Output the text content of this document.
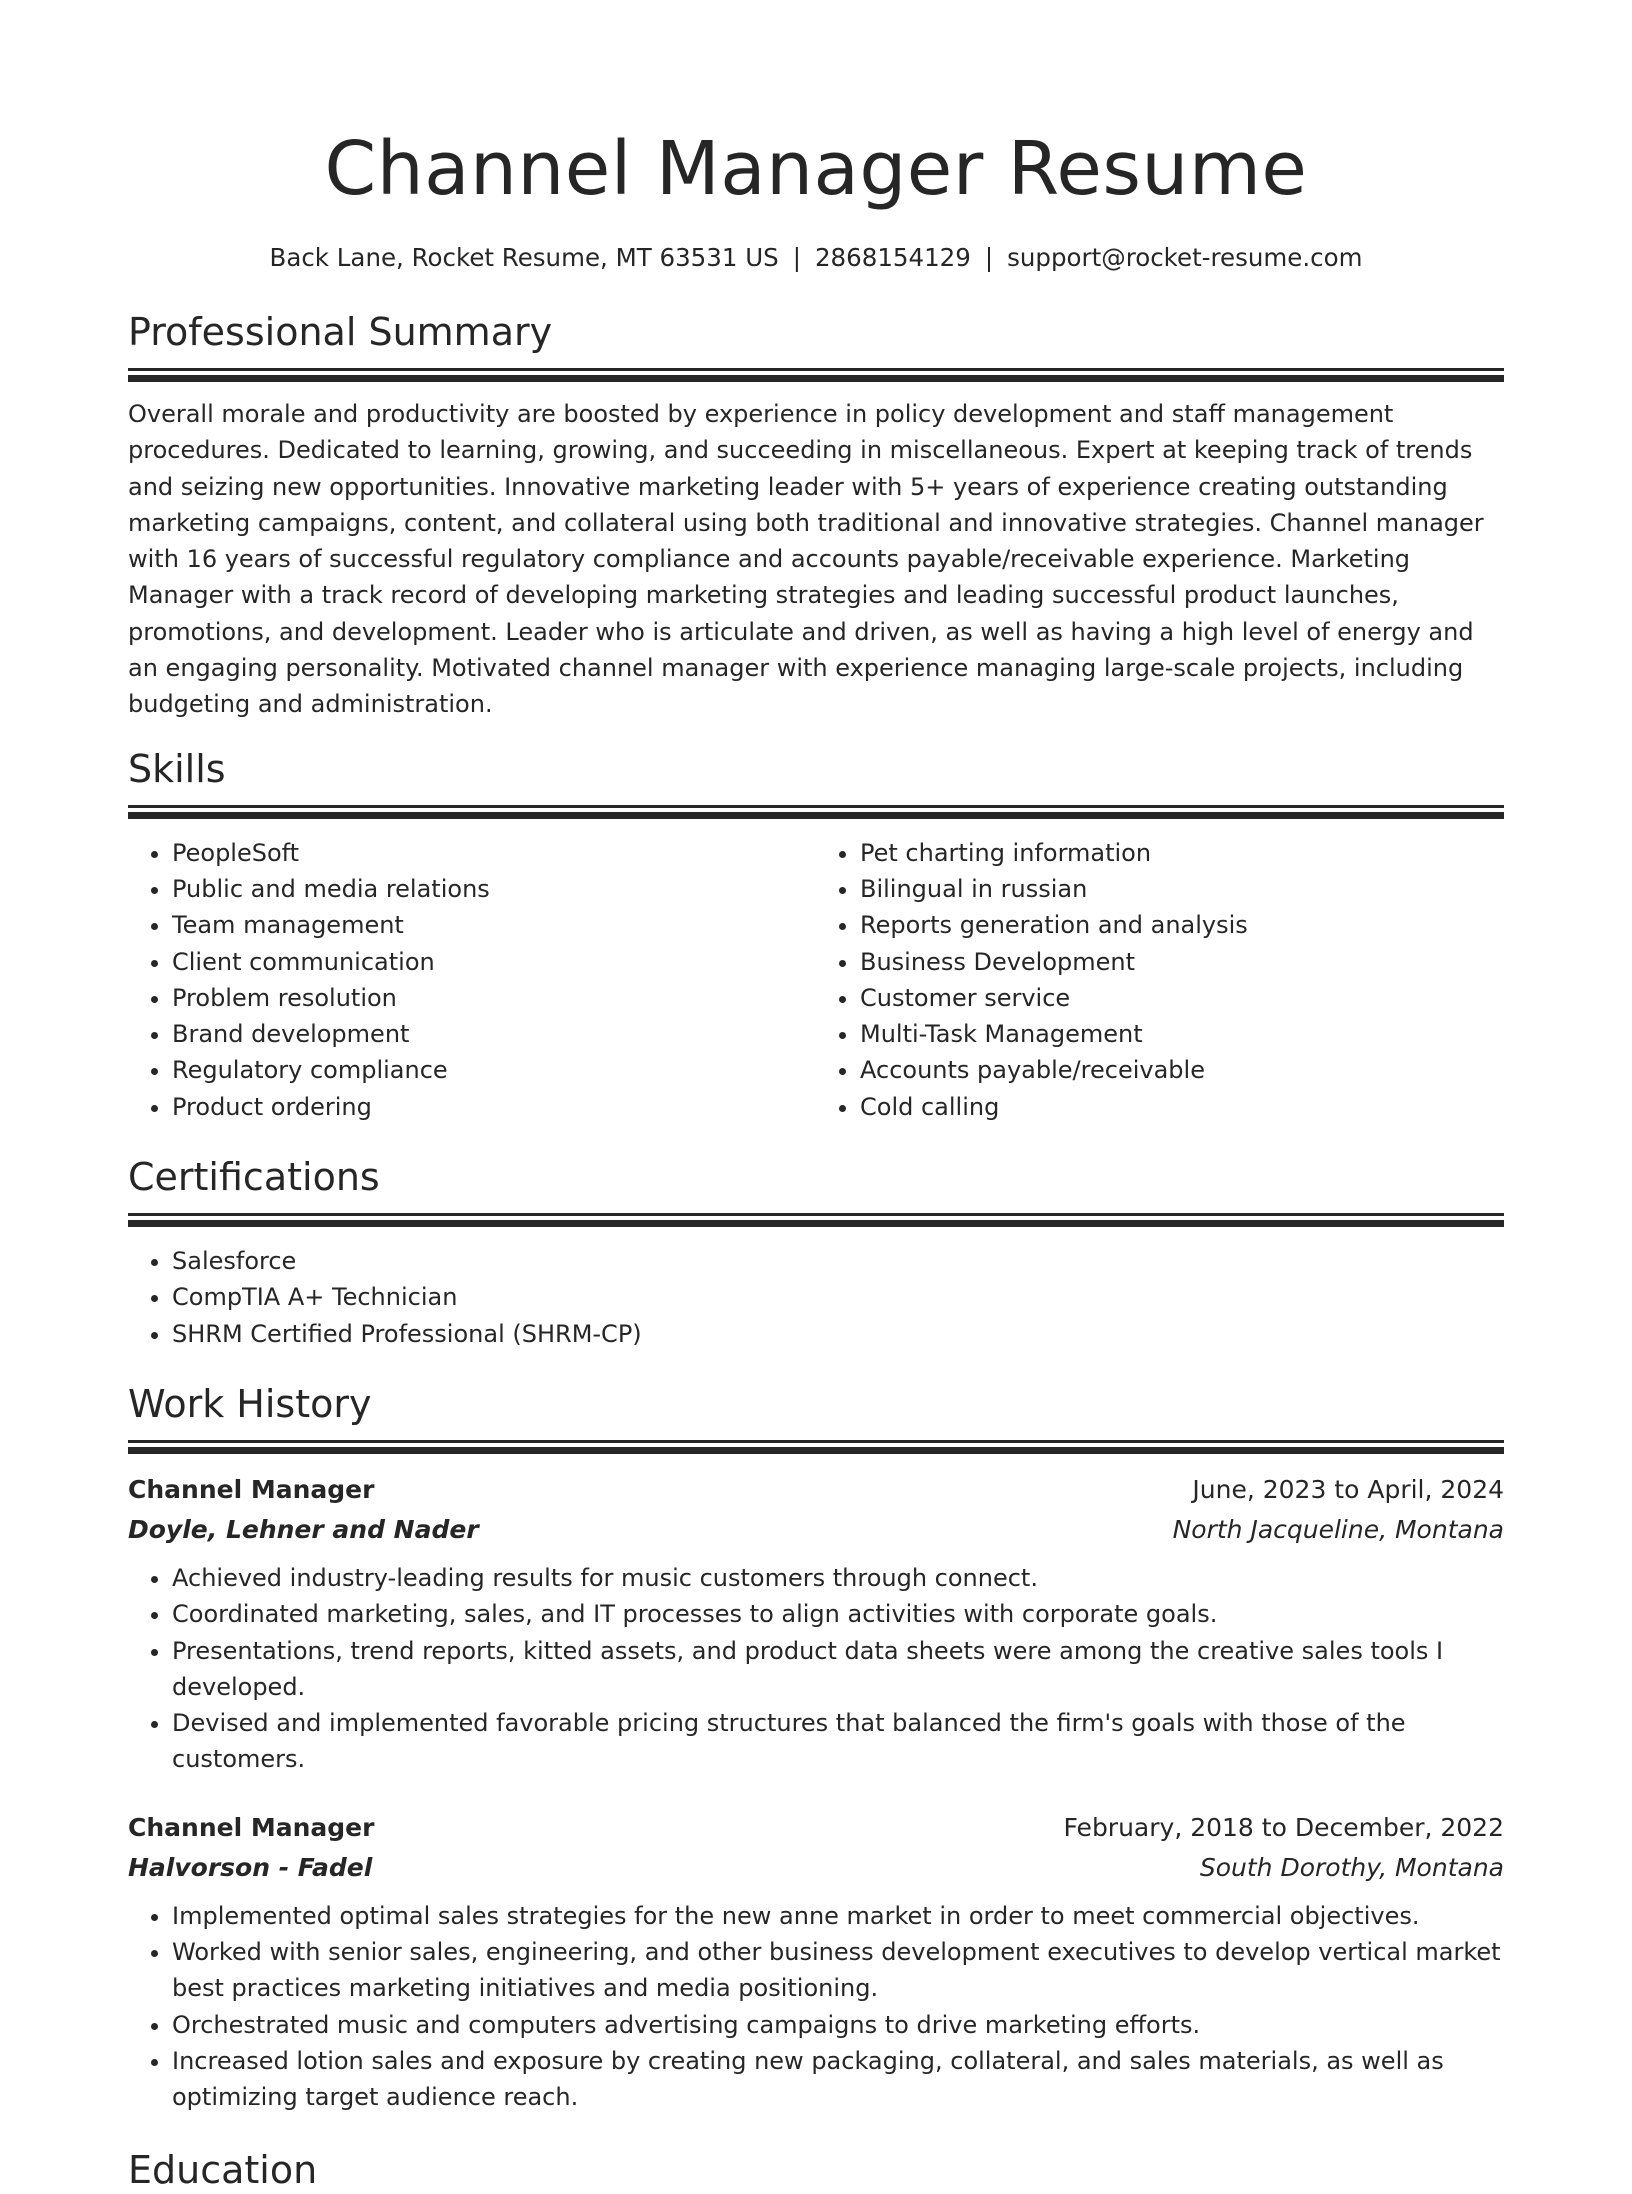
Channel Manager Resume
Back Lane, Rocket Resume, MT 63531 US | 2868154129 | support@rocket-resume.com
Professional Summary

Overall morale and productivity are boosted by experience in policy development and staff management procedures. Dedicated to learning, growing, and succeeding in miscellaneous. Expert at keeping track of trends and seizing new opportunities. Innovative marketing leader with 5+ years of experience creating outstanding marketing campaigns, content, and collateral using both traditional and innovative strategies. Channel manager with 16 years of successful regulatory compliance and accounts payable/receivable experience. Marketing Manager with a track record of developing marketing strategies and leading successful product launches, promotions, and development. Leader who is articulate and driven, as well as having a high level of energy and an engaging personality. Motivated channel manager with experience managing large-scale projects, including budgeting and administration.

Skills
• PeopleSoft
• Public and media relations
• Team management
• Client communication
• Problem resolution
• Brand development
• Regulatory compliance
• Product ordering
• Pet charting information
• Bilingual in russian
• Reports generation and analysis
• Business Development
• Customer service
• Multi-Task Management
• Accounts payable/receivable
• Cold calling
Certifications
• Salesforce
• CompTIA A+ Technician
• SHRM Certified Professional (SHRM-CP)
Work History
Channel Manager	June, 2023 to April, 2024
Doyle, Lehner and Nader	North Jacqueline, Montana
• Achieved industry-leading results for music customers through connect.
• Coordinated marketing, sales, and IT processes to align activities with corporate goals.
• Presentations, trend reports, kitted assets, and product data sheets were among the creative sales tools I developed.
• Devised and implemented favorable pricing structures that balanced the firm's goals with those of the customers.
Channel Manager	February, 2018 to December, 2022
Halvorson - Fadel	South Dorothy, Montana
• Implemented optimal sales strategies for the new anne market in order to meet commercial objectives.
• Worked with senior sales, engineering, and other business development executives to develop vertical market best practices marketing initiatives and media positioning.
• Orchestrated music and computers advertising campaigns to drive marketing efforts.
• Increased lotion sales and exposure by creating new packaging, collateral, and sales materials, as well as optimizing target audience reach.
Education
